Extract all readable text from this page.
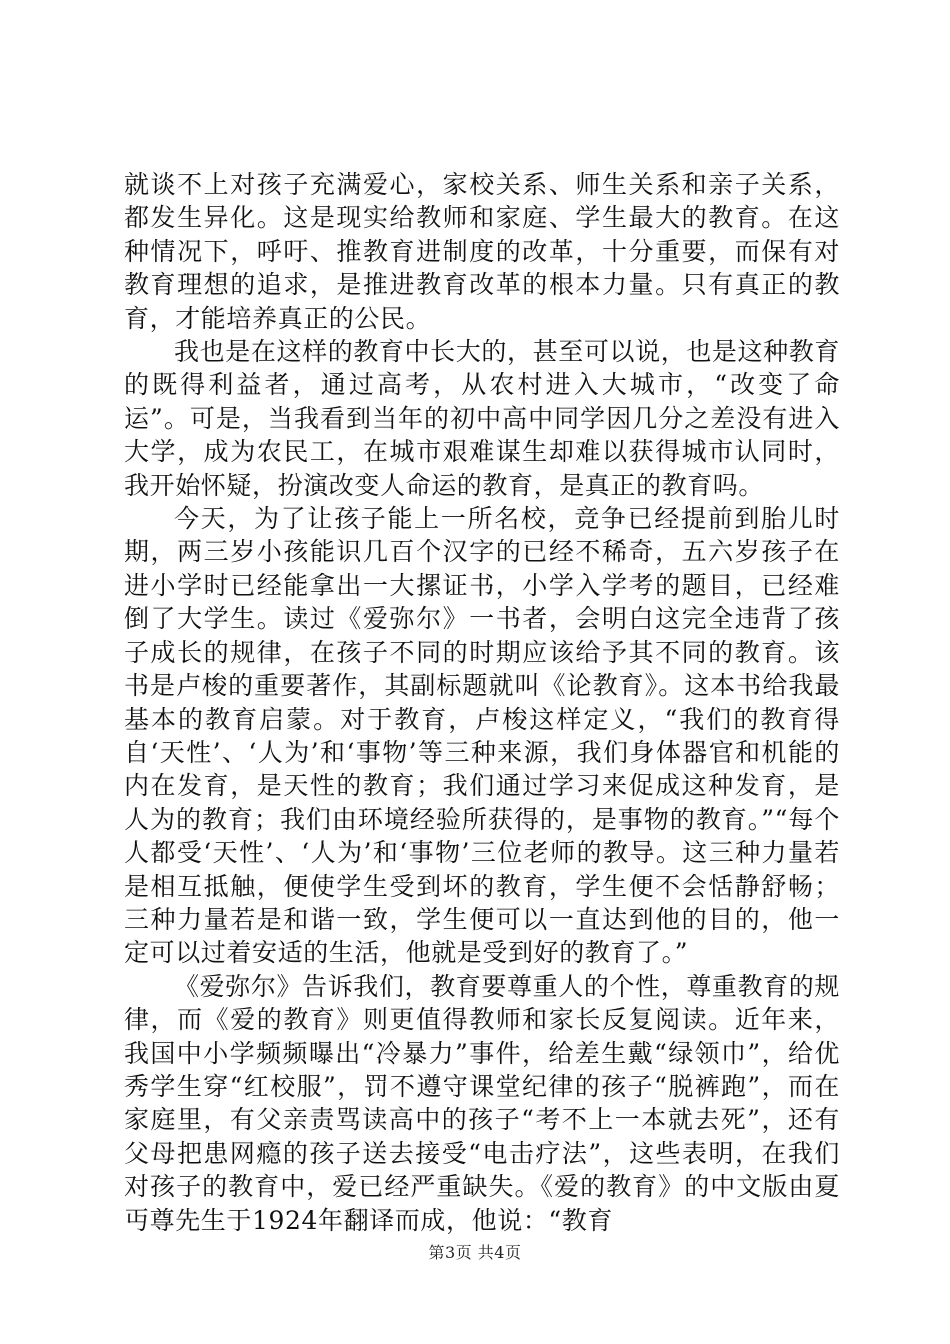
就谈不上对孩子充满爱心，家校关系、师生关系和亲子关系，都发生异化。这是现实给教师和家庭、学生最大的教育。在这种情况下，呼吁、推教育进制度的改革，十分重要，而保有对教育理想的追求，是推进教育改革的根本力量。只有真正的教育，才能培养真正的公民。

我也是在这样的教育中长大的，甚至可以说，也是这种教育的既得利益者，通过高考，从农村进入大城市，“改变了命运”。可是，当我看到当年的初中高中同学因几分之差没有进入大学，成为农民工，在城市艰难谋生却难以获得城市认同时，我开始怀疑，扮演改变人命运的教育，是真正的教育吗。

今天，为了让孩子能上一所名校，竞争已经提前到胎儿时期，两三岁小孩能识几百个汉字的已经不稀奇，五六岁孩子在进小学时已经能拿出一大摞证书，小学入学考的题目，已经难倒了大学生。读过《爱弥尔》一书者，会明白这完全违背了孩子成长的规律，在孩子不同的时期应该给予其不同的教育。该书是卢梭的重要著作，其副标题就叫《论教育》。这本书给我最基本的教育启蒙。对于教育，卢梭这样定义，“我们的教育得自‘天性’、‘人为’和‘事物’等三种来源，我们身体器官和机能的内在发育，是天性的教育；我们通过学习来促成这种发育，是人为的教育；我们由环境经验所获得的，是事物的教育。”“每个人都受‘天性’、‘人为’和‘事物’三位老师的教导。这三种力量若是相互抵触，便使学生受到坏的教育，学生便不会恬静舒畅；三种力量若是和谐一致，学生便可以一直达到他的目的，他一定可以过着安适的生活，他就是受到好的教育了。”

《爱弥尔》告诉我们，教育要尊重人的个性，尊重教育的规律，而《爱的教育》则更值得教师和家长反复阅读。近年来，我国中小学频频曝出“冷暴力”事件，给差生戴“绿领巾”，给优秀学生穿“红校服”，罚不遵守课堂纪律的孩子“脱裤跑”，而在家庭里，有父亲责骂读高中的孩子“考不上一本就去死”，还有父母把患网瘾的孩子送去接受“电击疗法”，这些表明，在我们对孩子的教育中，爱已经严重缺失。《爱的教育》的中文版由夏丏尊先生于1924年翻译而成，他说：“教育

第3页 共4页
